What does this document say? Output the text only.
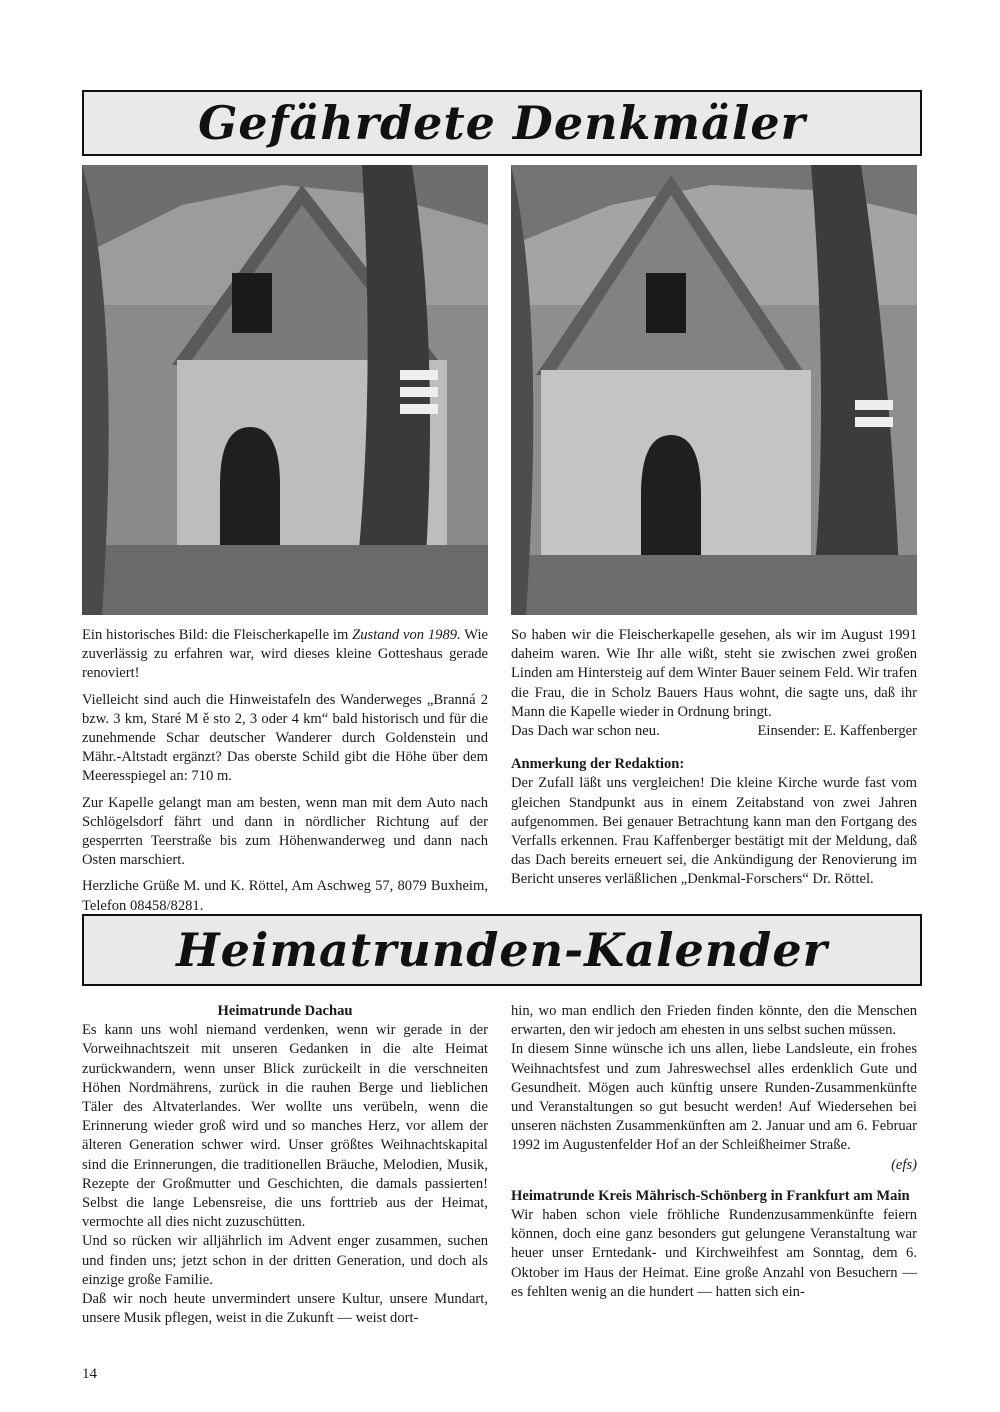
Gefährdete Denkmäler

Ein historisches Bild: die Fleischerkapelle im Zustand von 1989. Wie zuverlässig zu erfahren war, wird dieses kleine Gotteshaus gerade renoviert!

Vielleicht sind auch die Hinweistafeln des Wanderweges „Branná 2 bzw. 3 km, Staré M ě sto 2, 3 oder 4 km“ bald historisch und für die zunehmende Schar deutscher Wanderer durch Goldenstein und Mähr.-Altstadt ergänzt? Das oberste Schild gibt die Höhe über dem Meeresspiegel an: 710 m.

Zur Kapelle gelangt man am besten, wenn man mit dem Auto nach Schlögelsdorf fährt und dann in nördlicher Richtung auf der gesperrten Teerstraße bis zum Höhenwanderweg und dann nach Osten marschiert.

Herzliche Grüße M. und K. Röttel, Am Aschweg 57, 8079 Buxheim, Telefon 08458/8281.

So haben wir die Fleischerkapelle gesehen, als wir im August 1991 daheim waren. Wie Ihr alle wißt, steht sie zwischen zwei großen Linden am Hintersteig auf dem Winter Bauer seinem Feld. Wir trafen die Frau, die in Scholz Bauers Haus wohnt, die sagte uns, daß ihr Mann die Kapelle wieder in Ordnung bringt.

Das Dach war schon neu.	Einsender: E. Kaffenberger
Anmerkung der Redaktion:

Der Zufall läßt uns vergleichen! Die kleine Kirche wurde fast vom gleichen Standpunkt aus in einem Zeitabstand von zwei Jahren aufgenommen. Bei genauer Betrachtung kann man den Fortgang des Verfalls erkennen. Frau Kaffenberger bestätigt mit der Meldung, daß das Dach bereits erneuert sei, die Ankündigung der Renovierung im Bericht unseres verläßlichen „Denkmal-Forschers“ Dr. Röttel.

Heimatrunden-Kalender
Heimatrunde Dachau

Es kann uns wohl niemand verdenken, wenn wir gerade in der Vorweihnachtszeit mit unseren Gedanken in die alte Heimat zurückwandern, wenn unser Blick zurückeilt in die verschneiten Höhen Nordmährens, zurück in die rauhen Berge und lieblichen Täler des Altvaterlandes. Wer wollte uns verübeln, wenn die Erinnerung wieder groß wird und so manches Herz, vor allem der älteren Generation schwer wird. Unser größtes Weihnachtskapital sind die Erinnerungen, die traditionellen Bräuche, Melodien, Musik, Rezepte der Großmutter und Geschichten, die damals passierten! Selbst die lange Lebensreise, die uns forttrieb aus der Heimat, vermochte all dies nicht zuzuschütten.

Und so rücken wir alljährlich im Advent enger zusammen, suchen und finden uns; jetzt schon in der dritten Generation, und doch als einzige große Familie.

Daß wir noch heute unvermindert unsere Kultur, unsere Mundart, unsere Musik pflegen, weist in die Zukunft — weist dort-

hin, wo man endlich den Frieden finden könnte, den die Menschen erwarten, den wir jedoch am ehesten in uns selbst suchen müssen.

In diesem Sinne wünsche ich uns allen, liebe Landsleute, ein frohes Weihnachtsfest und zum Jahreswechsel alles erdenklich Gute und Gesundheit. Mögen auch künftig unsere Runden-Zusammenkünfte und Veranstaltungen so gut besucht werden! Auf Wiedersehen bei unseren nächsten Zusammenkünften am 2. Januar und am 6. Februar 1992 im Augustenfelder Hof an der Schleißheimer Straße.

(efs)
Heimatrunde Kreis Mährisch-Schönberg in Frankfurt am Main

Wir haben schon viele fröhliche Rundenzusammenkünfte feiern können, doch eine ganz besonders gut gelungene Veranstaltung war heuer unser Erntedank- und Kirchweihfest am Sonntag, dem 6. Oktober im Haus der Heimat. Eine große Anzahl von Besuchern — es fehlten wenig an die hundert — hatten sich ein-

14
